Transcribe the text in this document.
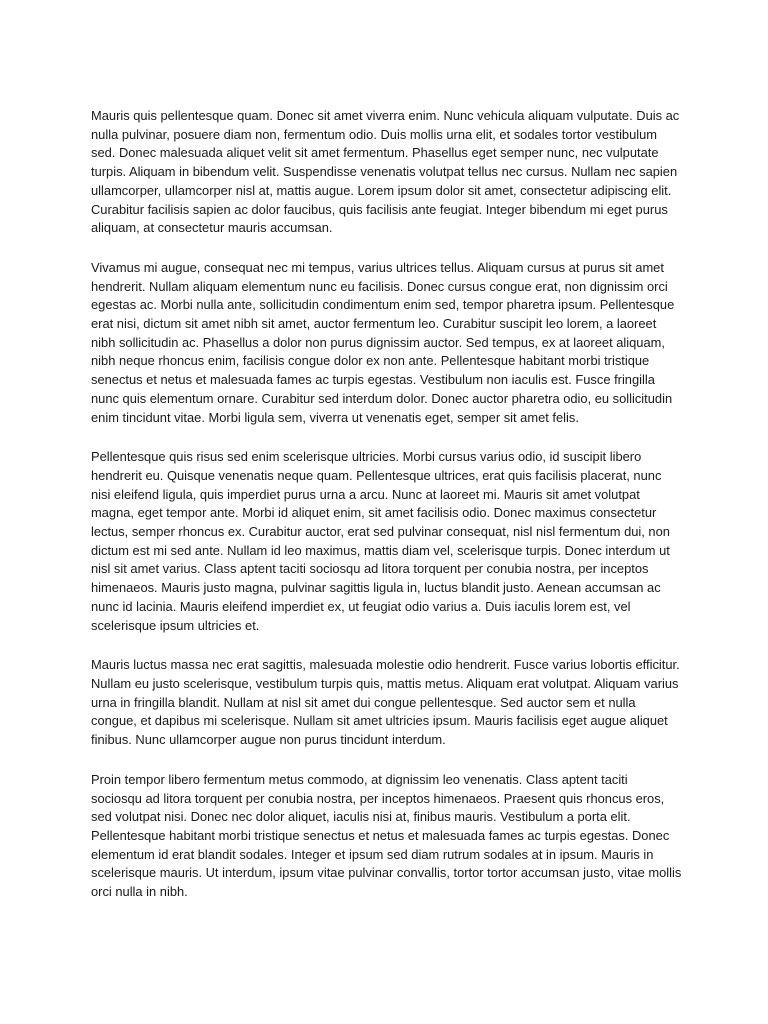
Mauris quis pellentesque quam. Donec sit amet viverra enim. Nunc vehicula aliquam vulputate. Duis ac nulla pulvinar, posuere diam non, fermentum odio. Duis mollis urna elit, et sodales tortor vestibulum sed. Donec malesuada aliquet velit sit amet fermentum. Phasellus eget semper nunc, nec vulputate turpis. Aliquam in bibendum velit. Suspendisse venenatis volutpat tellus nec cursus. Nullam nec sapien ullamcorper, ullamcorper nisl at, mattis augue. Lorem ipsum dolor sit amet, consectetur adipiscing elit. Curabitur facilisis sapien ac dolor faucibus, quis facilisis ante feugiat. Integer bibendum mi eget purus aliquam, at consectetur mauris accumsan.

Vivamus mi augue, consequat nec mi tempus, varius ultrices tellus. Aliquam cursus at purus sit amet hendrerit. Nullam aliquam elementum nunc eu facilisis. Donec cursus congue erat, non dignissim orci egestas ac. Morbi nulla ante, sollicitudin condimentum enim sed, tempor pharetra ipsum. Pellentesque erat nisi, dictum sit amet nibh sit amet, auctor fermentum leo. Curabitur suscipit leo lorem, a laoreet nibh sollicitudin ac. Phasellus a dolor non purus dignissim auctor. Sed tempus, ex at laoreet aliquam, nibh neque rhoncus enim, facilisis congue dolor ex non ante. Pellentesque habitant morbi tristique senectus et netus et malesuada fames ac turpis egestas. Vestibulum non iaculis est. Fusce fringilla nunc quis elementum ornare. Curabitur sed interdum dolor. Donec auctor pharetra odio, eu sollicitudin enim tincidunt vitae. Morbi ligula sem, viverra ut venenatis eget, semper sit amet felis.

Pellentesque quis risus sed enim scelerisque ultricies. Morbi cursus varius odio, id suscipit libero hendrerit eu. Quisque venenatis neque quam. Pellentesque ultrices, erat quis facilisis placerat, nunc nisi eleifend ligula, quis imperdiet purus urna a arcu. Nunc at laoreet mi. Mauris sit amet volutpat magna, eget tempor ante. Morbi id aliquet enim, sit amet facilisis odio. Donec maximus consectetur lectus, semper rhoncus ex. Curabitur auctor, erat sed pulvinar consequat, nisl nisl fermentum dui, non dictum est mi sed ante. Nullam id leo maximus, mattis diam vel, scelerisque turpis. Donec interdum ut nisl sit amet varius. Class aptent taciti sociosqu ad litora torquent per conubia nostra, per inceptos himenaeos. Mauris justo magna, pulvinar sagittis ligula in, luctus blandit justo. Aenean accumsan ac nunc id lacinia. Mauris eleifend imperdiet ex, ut feugiat odio varius a. Duis iaculis lorem est, vel scelerisque ipsum ultricies et.

Mauris luctus massa nec erat sagittis, malesuada molestie odio hendrerit. Fusce varius lobortis efficitur. Nullam eu justo scelerisque, vestibulum turpis quis, mattis metus. Aliquam erat volutpat. Aliquam varius urna in fringilla blandit. Nullam at nisl sit amet dui congue pellentesque. Sed auctor sem et nulla congue, et dapibus mi scelerisque. Nullam sit amet ultricies ipsum. Mauris facilisis eget augue aliquet finibus. Nunc ullamcorper augue non purus tincidunt interdum.

Proin tempor libero fermentum metus commodo, at dignissim leo venenatis. Class aptent taciti sociosqu ad litora torquent per conubia nostra, per inceptos himenaeos. Praesent quis rhoncus eros, sed volutpat nisi. Donec nec dolor aliquet, iaculis nisi at, finibus mauris. Vestibulum a porta elit. Pellentesque habitant morbi tristique senectus et netus et malesuada fames ac turpis egestas. Donec elementum id erat blandit sodales. Integer et ipsum sed diam rutrum sodales at in ipsum. Mauris in scelerisque mauris. Ut interdum, ipsum vitae pulvinar convallis, tortor tortor accumsan justo, vitae mollis orci nulla in nibh.
